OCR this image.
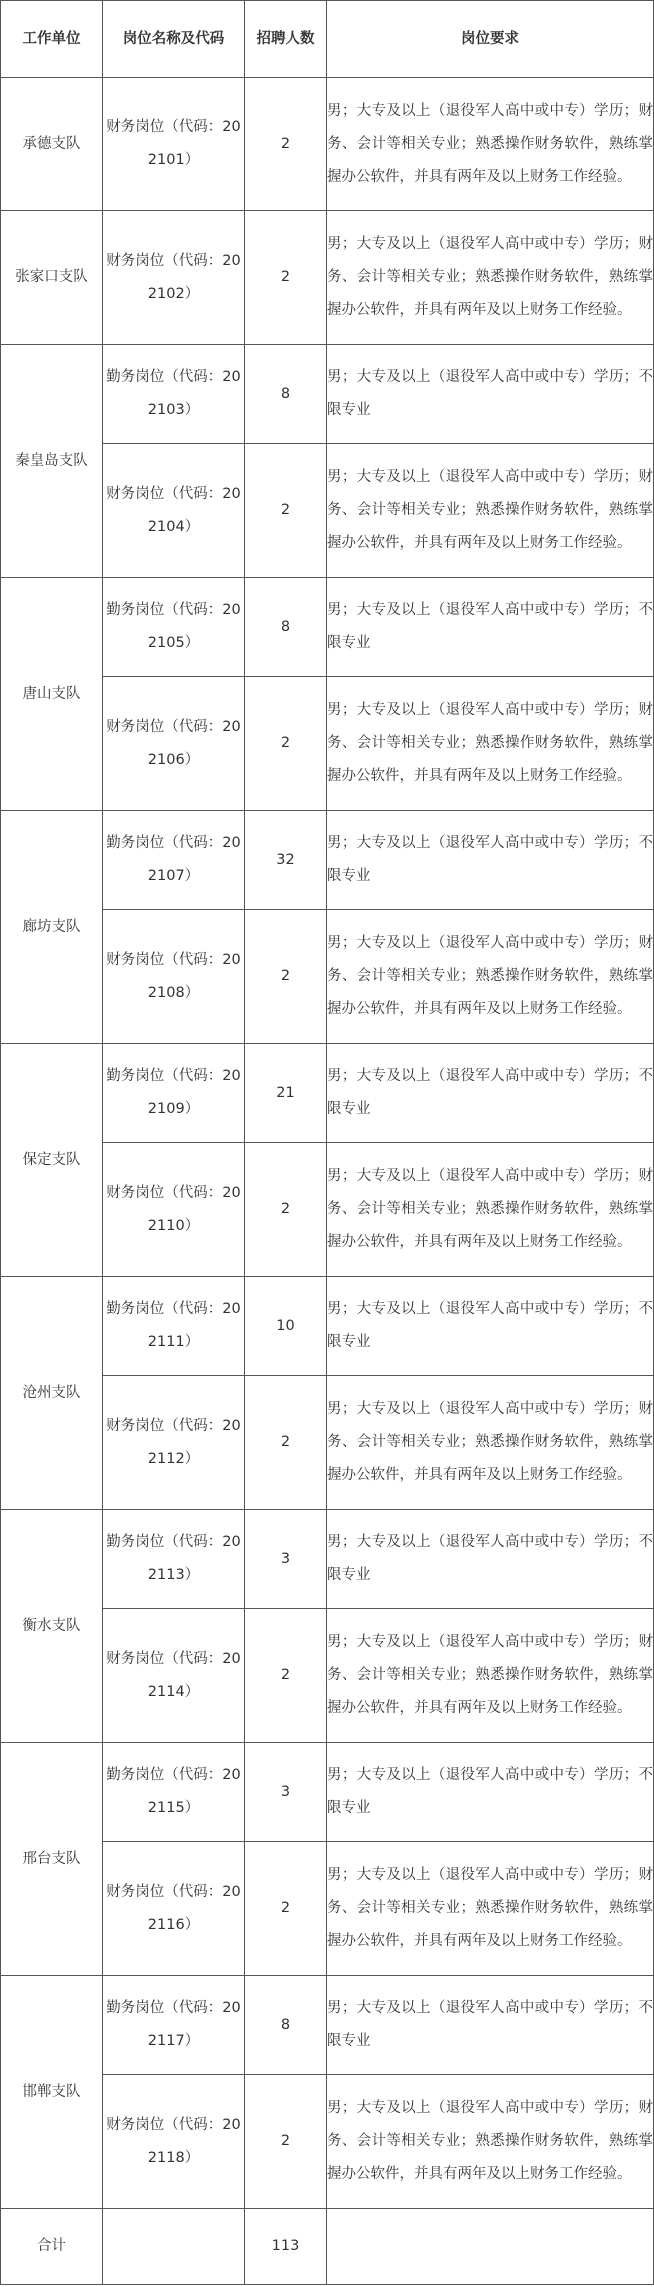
工作单位	岗位名称及代码	招聘人数	岗位要求
承德支队	财务岗位（代码：202101）	2	男；大专及以上（退役军人高中或中专）学历；财务、会计等相关专业；熟悉操作财务软件，熟练掌握办公软件，并具有两年及以上财务工作经验。
张家口支队	财务岗位（代码：202102）	2	男；大专及以上（退役军人高中或中专）学历；财务、会计等相关专业；熟悉操作财务软件，熟练掌握办公软件，并具有两年及以上财务工作经验。
秦皇岛支队	勤务岗位（代码：202103）	8	男；大专及以上（退役军人高中或中专）学历；不限专业
	财务岗位（代码：202104）	2	男；大专及以上（退役军人高中或中专）学历；财务、会计等相关专业；熟悉操作财务软件，熟练掌握办公软件，并具有两年及以上财务工作经验。
唐山支队	勤务岗位（代码：202105）	8	男；大专及以上（退役军人高中或中专）学历；不限专业
	财务岗位（代码：202106）	2	男；大专及以上（退役军人高中或中专）学历；财务、会计等相关专业；熟悉操作财务软件，熟练掌握办公软件，并具有两年及以上财务工作经验。
廊坊支队	勤务岗位（代码：202107）	32	男；大专及以上（退役军人高中或中专）学历；不限专业
	财务岗位（代码：202108）	2	男；大专及以上（退役军人高中或中专）学历；财务、会计等相关专业；熟悉操作财务软件，熟练掌握办公软件，并具有两年及以上财务工作经验。
保定支队	勤务岗位（代码：202109）	21	男；大专及以上（退役军人高中或中专）学历；不限专业
	财务岗位（代码：202110）	2	男；大专及以上（退役军人高中或中专）学历；财务、会计等相关专业；熟悉操作财务软件，熟练掌握办公软件，并具有两年及以上财务工作经验。
沧州支队	勤务岗位（代码：202111）	10	男；大专及以上（退役军人高中或中专）学历；不限专业
	财务岗位（代码：202112）	2	男；大专及以上（退役军人高中或中专）学历；财务、会计等相关专业；熟悉操作财务软件，熟练掌握办公软件，并具有两年及以上财务工作经验。
衡水支队	勤务岗位（代码：202113）	3	男；大专及以上（退役军人高中或中专）学历；不限专业
	财务岗位（代码：202114）	2	男；大专及以上（退役军人高中或中专）学历；财务、会计等相关专业；熟悉操作财务软件，熟练掌握办公软件，并具有两年及以上财务工作经验。
邢台支队	勤务岗位（代码：202115）	3	男；大专及以上（退役军人高中或中专）学历；不限专业
	财务岗位（代码：202116）	2	男；大专及以上（退役军人高中或中专）学历；财务、会计等相关专业；熟悉操作财务软件，熟练掌握办公软件，并具有两年及以上财务工作经验。
邯郸支队	勤务岗位（代码：202117）	8	男；大专及以上（退役军人高中或中专）学历；不限专业
	财务岗位（代码：202118）	2	男；大专及以上（退役军人高中或中专）学历；财务、会计等相关专业；熟悉操作财务软件，熟练掌握办公软件，并具有两年及以上财务工作经验。
合计		113	
